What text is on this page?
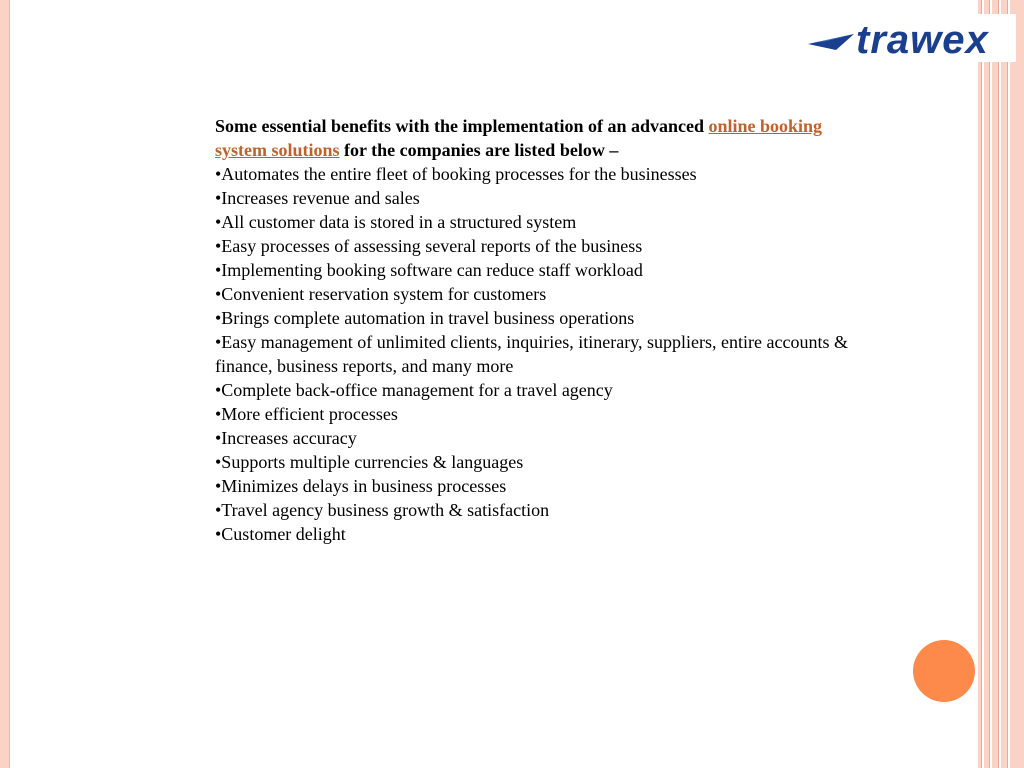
trawex
Some essential benefits with the implementation of an advanced online booking system solutions for the companies are listed below –
•Automates the entire fleet of booking processes for the businesses
•Increases revenue and sales
•All customer data is stored in a structured system
•Easy processes of assessing several reports of the business
•Implementing booking software can reduce staff workload
•Convenient reservation system for customers
•Brings complete automation in travel business operations
•Easy management of unlimited clients, inquiries, itinerary, suppliers, entire accounts & finance, business reports, and many more
•Complete back-office management for a travel agency
•More efficient processes
•Increases accuracy
•Supports multiple currencies & languages
•Minimizes delays in business processes
•Travel agency business growth & satisfaction
•Customer delight
